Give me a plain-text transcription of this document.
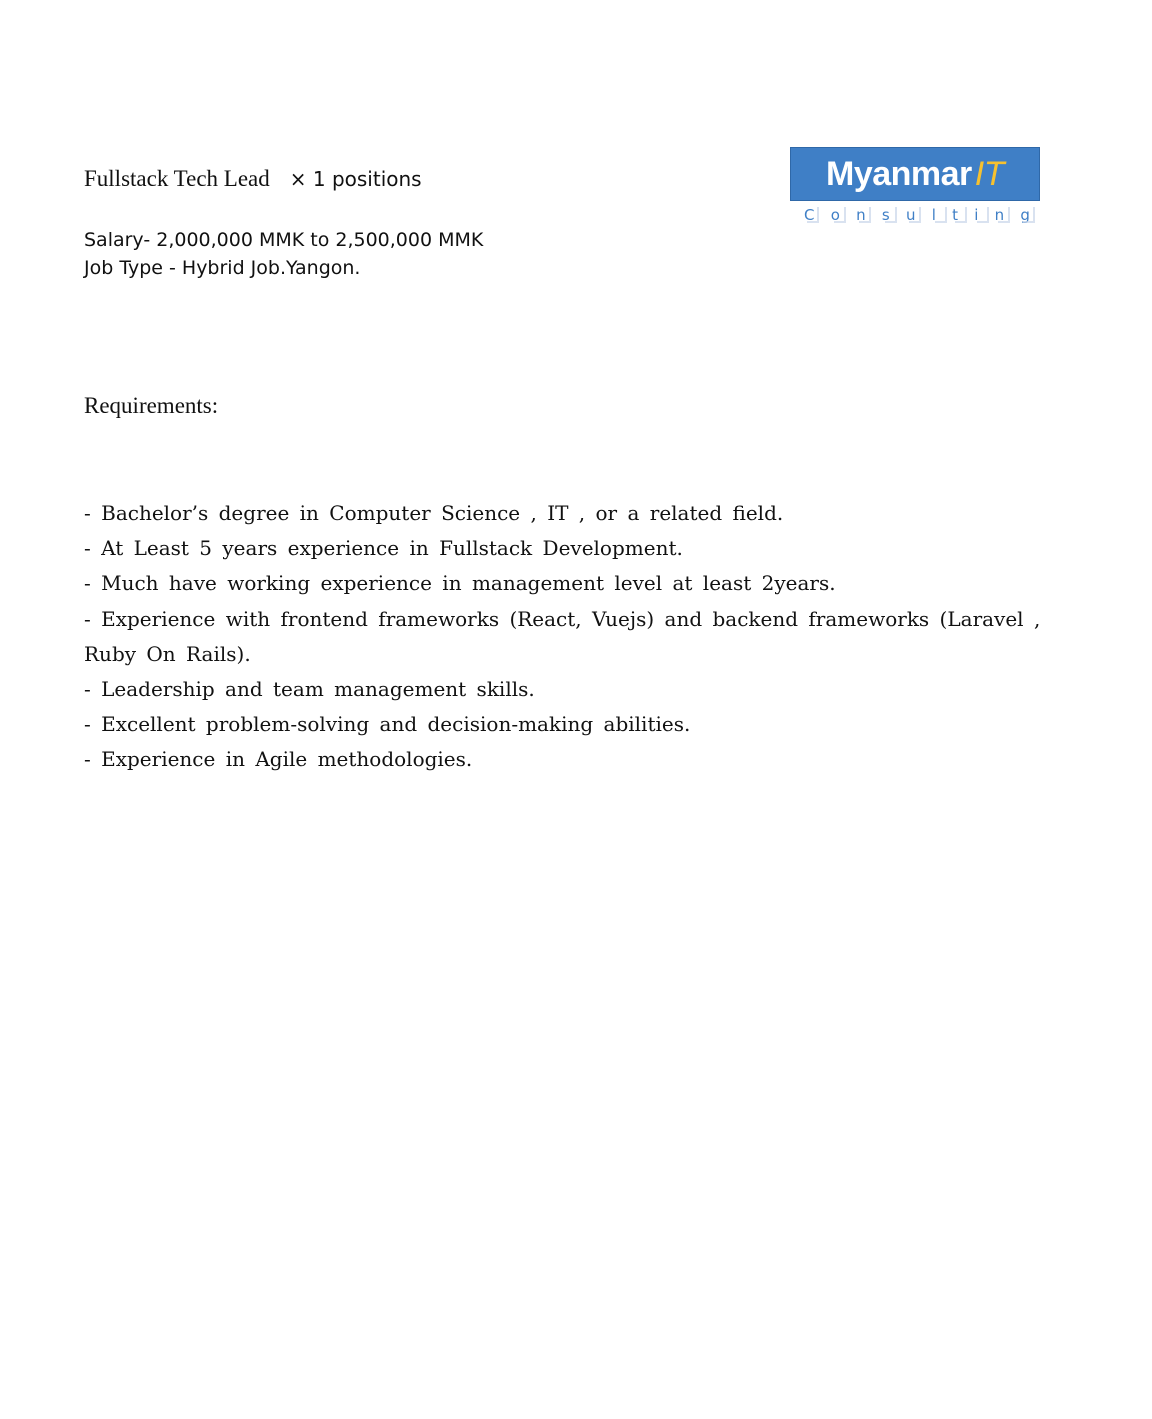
Fullstack Tech Lead × 1 positions
Salary- 2,000,000 MMK to 2,500,000 MMK
Job Type - Hybrid Job.Yangon.
Requirements:
- Bachelor’s degree in Computer Science , IT , or a related field.
- At Least 5 years experience in Fullstack Development.
- Much have working experience in management level at least 2years.
- Experience with frontend frameworks (React, Vuejs) and backend frameworks (Laravel ,
Ruby On Rails).
- Leadership and team management skills.
- Excellent problem-solving and decision-making abilities.
- Experience in Agile methodologies.
MyanmarIT
C o n s u l t i n g
